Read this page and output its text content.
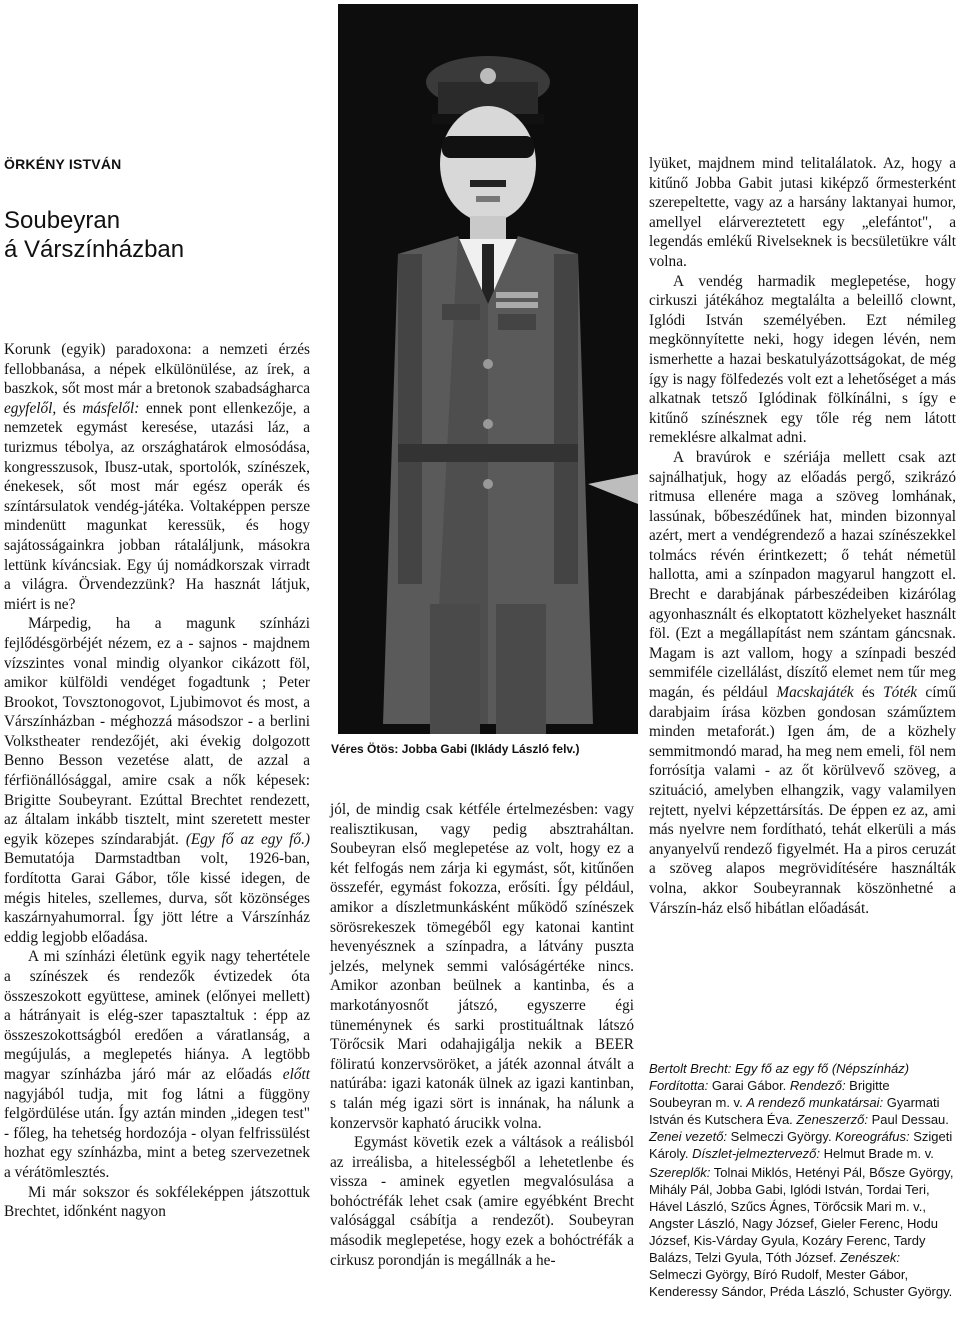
ÖRKÉNY ISTVÁN
Soubeyran
á Várszínházban

Korunk (egyik) paradoxona: a nemzeti érzés fellobbanása, a népek elkülönülése, az írek, a baszkok, sőt most már a bretonok szabadságharca egyfelől, és másfelől: ennek pont ellenkezője, a nemzetek egymást keresése, utazási láz, a turizmus tébolya, az országhatárok elmosódása, kongresszusok, Ibusz-utak, sportolók, színészek, énekesek, sőt most már egész operák és színtársulatok vendég-játéka. Voltaképpen persze mindenütt magunkat keressük, és hogy sajátosságainkra jobban rátaláljunk, másokra lettünk kíváncsiak. Egy új nomádkorszak virradt a világra. Örvendezzünk? Ha hasznát látjuk, miért is ne?

Márpedig, ha a magunk színházi fejlődésgörbéjét nézem, ez a - sajnos - majdnem vízszintes vonal mindig olyankor cikázott föl, amikor külföldi vendéget fogadtunk ; Peter Brookot, Tovsztonogovot, Ljubimovot és most, a Várszínházban - méghozzá másodszor - a berlini Volkstheater rendezőjét, aki évekig dolgozott Benno Besson vezetése alatt, de azzal a férfiönállósággal, amire csak a nők képesek: Brigitte Soubeyrant. Ezúttal Brechtet rendezett, az általam inkább tisztelt, mint szeretett mester egyik közepes színdarabját. (Egy fő az egy fő.) Bemutatója Darmstadtban volt, 1926-ban, fordította Garai Gábor, tőle kissé idegen, de mégis hiteles, szellemes, durva, sőt közönséges kaszárnyahumorral. Így jött létre a Várszínház eddig legjobb előadása.

A mi színházi életünk egyik nagy tehertétele a színészek és rendezők évtizedek óta összeszokott együttese, aminek (előnyei mellett) a hátrányait is elég-szer tapasztaltuk : épp az összeszokottságból eredően a váratlanság, a megújulás, a meglepetés hiánya. A legtöbb magyar színházba járó már az előadás előtt nagyjából tudja, mit fog látni a függöny felgördülése után. Így aztán minden „idegen test" - főleg, ha tehetség hordozója - olyan felfrissülést hozhat egy színházba, mint a beteg szervezetnek a vérátömlesztés.

Mi már sokszor és sokféleképpen játszottuk Brechtet, időnként nagyon

Véres Ötös: Jobba Gabi (Iklády László felv.)

jól, de mindig csak kétféle értelmezésben: vagy realisztikusan, vagy pedig absztraháltan. Soubeyran első meglepetése az volt, hogy ez a két felfogás nem zárja ki egymást, sőt, kitűnően összefér, egymást fokozza, erősíti. Így például, amikor a díszletmunkásként működő színészek sörösrekeszek tömegéből egy katonai kantint hevenyésznek a színpadra, a látvány puszta jelzés, melynek semmi valóságértéke nincs. Amikor azonban beülnek a kantinba, és a markotányosnőt játszó, egyszerre égi tüneménynek és sarki prostituáltnak látszó Törőcsik Mari odahajigálja nekik a BEER föliratú konzervsöröket, a játék azonnal átvált a natúrába: igazi katonák ülnek az igazi kantinban, s talán még igazi sört is innának, ha nálunk a konzervsör kapható árucikk volna.

Egymást követik ezek a váltások a reálisból az irreálisba, a hitelességből a lehetetlenbe és vissza - aminek egyetlen megvalósulása a bohóctréfák lehet csak (amire egyébként Brecht valósággal csábítja a rendezőt). Soubeyran második meglepetése, hogy ezek a bohóctréfák a cirkusz porondján is megállnák a he-

lyüket, majdnem mind telitalálatok. Az, hogy a kitűnő Jobba Gabit jutasi kiképző őrmesterként szerepeltette, vagy az a harsány laktanyai humor, amellyel elárvereztetett egy „elefántot", a legendás emlékű Rivelseknek is becsületükre vált volna.

A vendég harmadik meglepetése, hogy cirkuszi játékához megtalálta a beleillő clownt, Iglódi István személyében. Ezt némileg megkönnyítette neki, hogy idegen lévén, nem ismerhette a hazai beskatulyázottságokat, de még így is nagy fölfedezés volt ezt a lehetőséget a más alkatnak tetsző Iglódinak fölkínálni, s így e kitűnő színésznek egy tőle rég nem látott remeklésre alkalmat adni.

A bravúrok e szériája mellett csak azt sajnálhatjuk, hogy az előadás pergő, szikrázó ritmusa ellenére maga a szöveg lomhának, lassúnak, bőbeszédűnek hat, minden bizonnyal azért, mert a vendégrendező a hazai színészekkel tolmács révén érintkezett; ő tehát németül hallotta, ami a színpadon magyarul hangzott el. Brecht e darabjának párbeszédeiben kizárólag agyonhasznált és elkoptatott közhelyeket használt föl. (Ezt a megállapítást nem szántam gáncsnak. Magam is azt vallom, hogy a színpadi beszéd semmiféle cizellálást, díszítő elemet nem tűr meg magán, és például Macskajáték és Tóték című darabjaim írása közben gondosan száműztem minden metaforát.) Igen ám, de a közhely semmitmondó marad, ha meg nem emeli, föl nem forrósítja valami - az őt körülvevő szöveg, a szituáció, amelyben elhangzik, vagy valamilyen rejtett, nyelvi képzettársítás. De éppen ez az, ami más nyelvre nem fordítható, tehát elkerüli a más anyanyelvű rendező figyelmét. Ha a piros ceruzát a szöveg alapos megrövidítésére használták volna, akkor Soubeyrannak köszönhetné a Várszín-ház első hibátlan előadását.

Bertolt Brecht: Egy fő az egy fő (Népszínház) Fordította: Garai Gábor. Rendező: Brigitte Soubeyran m. v. A rendező munkatársai: Gyarmati István és Kutschera Éva. Zeneszerző: Paul Dessau. Zenei vezető: Selmeczi György. Koreográfus: Szigeti Károly. Díszlet-jelmeztervező: Helmut Brade m. v.

Szereplők: Tolnai Miklós, Hetényi Pál, Bősze György, Mihály Pál, Jobba Gabi, Iglódi István, Tordai Teri, Hável László, Szűcs Ágnes, Törőcsik Mari m. v., Angster László, Nagy József, Gieler Ferenc, Hodu József, Kis-Várday Gyula, Kozáry Ferenc, Tardy Balázs, Telzi Gyula, Tóth József. Zenészek: Selmeczi György, Bíró Rudolf, Mester Gábor, Kenderessy Sándor, Préda László, Schuster György.
